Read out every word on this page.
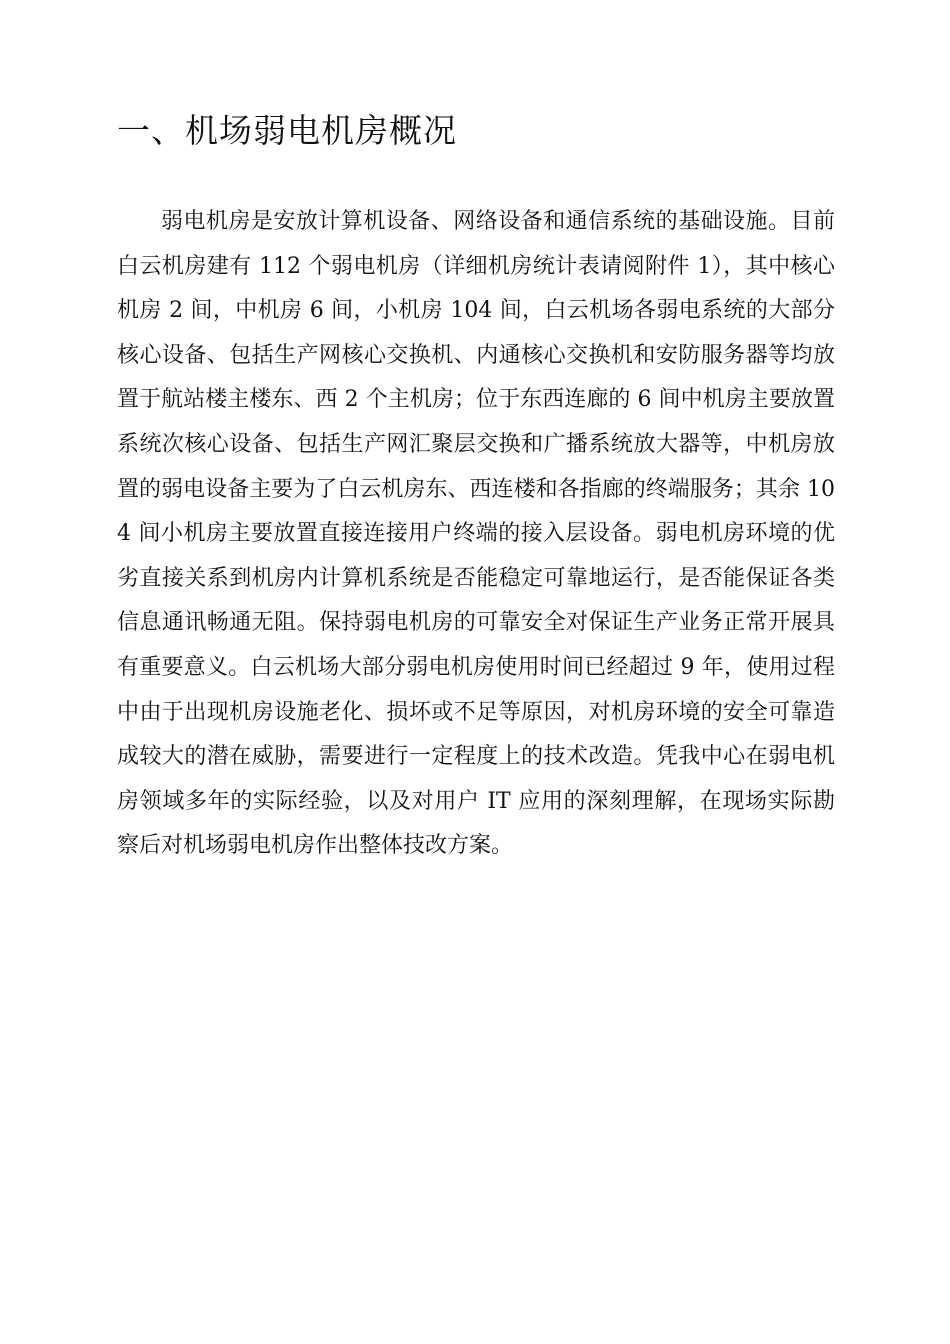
一、机场弱电机房概况

弱电机房是安放计算机设备、网络设备和通信系统的基础设施。目前白云机房建有 112 个弱电机房（详细机房统计表请阅附件 1），其中核心机房 2 间，中机房 6 间，小机房 104 间，白云机场各弱电系统的大部分核心设备、包括生产网核心交换机、内通核心交换机和安防服务器等均放置于航站楼主楼东、西 2 个主机房；位于东西连廊的 6 间中机房主要放置系统次核心设备、包括生产网汇聚层交换和广播系统放大器等，中机房放置的弱电设备主要为了白云机房东、西连楼和各指廊的终端服务；其余 104 间小机房主要放置直接连接用户终端的接入层设备。弱电机房环境的优劣直接关系到机房内计算机系统是否能稳定可靠地运行，是否能保证各类信息通讯畅通无阻。保持弱电机房的可靠安全对保证生产业务正常开展具有重要意义。白云机场大部分弱电机房使用时间已经超过 9 年，使用过程中由于出现机房设施老化、损坏或不足等原因，对机房环境的安全可靠造成较大的潜在威胁，需要进行一定程度上的技术改造。凭我中心在弱电机房领域多年的实际经验，以及对用户 IT 应用的深刻理解，在现场实际勘察后对机场弱电机房作出整体技改方案。
